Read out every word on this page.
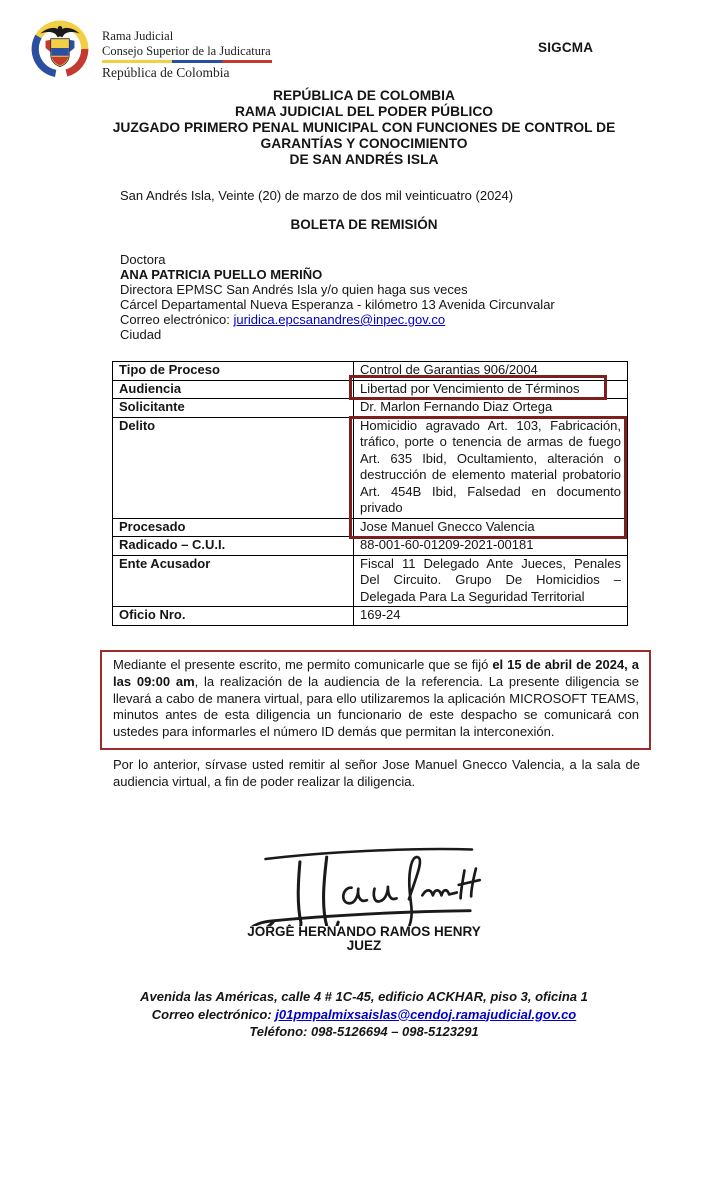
Rama Judicial
Consejo Superior de la Judicatura
República de Colombia
SIGCMA
REPÚBLICA DE COLOMBIA
RAMA JUDICIAL DEL PODER PÚBLICO
JUZGADO PRIMERO PENAL MUNICIPAL CON FUNCIONES DE CONTROL DE
GARANTÍAS Y CONOCIMIENTO
DE SAN ANDRÉS ISLA
San Andrés Isla, Veinte (20) de marzo de dos mil veinticuatro (2024)
BOLETA DE REMISIÓN
Doctora
ANA PATRICIA PUELLO MERIÑO
Directora EPMSC San Andrés Isla y/o quien haga sus veces
Cárcel Departamental Nueva Esperanza - kilómetro 13 Avenida Circunvalar
Correo electrónico: juridica.epcsanandres@inpec.gov.co
Ciudad
Tipo de Proceso	Control de Garantias 906/2004
Audiencia	Libertad por Vencimiento de Términos

Solicitante	Dr. Marlon Fernando Diaz Ortega
Delito	Homicidio agravado Art. 103, Fabricación, tráfico, porte o tenencia de armas de fuego Art. 635 Ibid, Ocultamiento, alteración o destrucción de elemento material probatorio Art. 454B Ibid, Falsedad en documento privado

Procesado	Jose Manuel Gnecco Valencia
Radicado – C.U.I.	88-001-60-01209-2021-00181
Ente Acusador	Fiscal 11 Delegado Ante Jueces, Penales Del Circuito. Grupo De Homicidios – Delegada Para La Seguridad Territorial
Oficio Nro.	169-24
Mediante el presente escrito, me permito comunicarle que se fijó el 15 de abril de 2024, a las 09:00 am, la realización de la audiencia de la referencia. La presente diligencia se llevará a cabo de manera virtual, para ello utilizaremos la aplicación MICROSOFT TEAMS, minutos antes de esta diligencia un funcionario de este despacho se comunicará con ustedes para informarles el número ID demás que permitan la interconexión.
Por lo anterior, sírvase usted remitir al señor Jose Manuel Gnecco Valencia, a la sala de audiencia virtual, a fin de poder realizar la diligencia.
JORGE HERNANDO RAMOS HENRY
JUEZ
Avenida las Américas, calle 4 # 1C-45, edificio ACKHAR, piso 3, oficina 1
Correo electrónico: j01pmpalmixsaislas@cendoj.ramajudicial.gov.co
Teléfono: 098-5126694 – 098-5123291
